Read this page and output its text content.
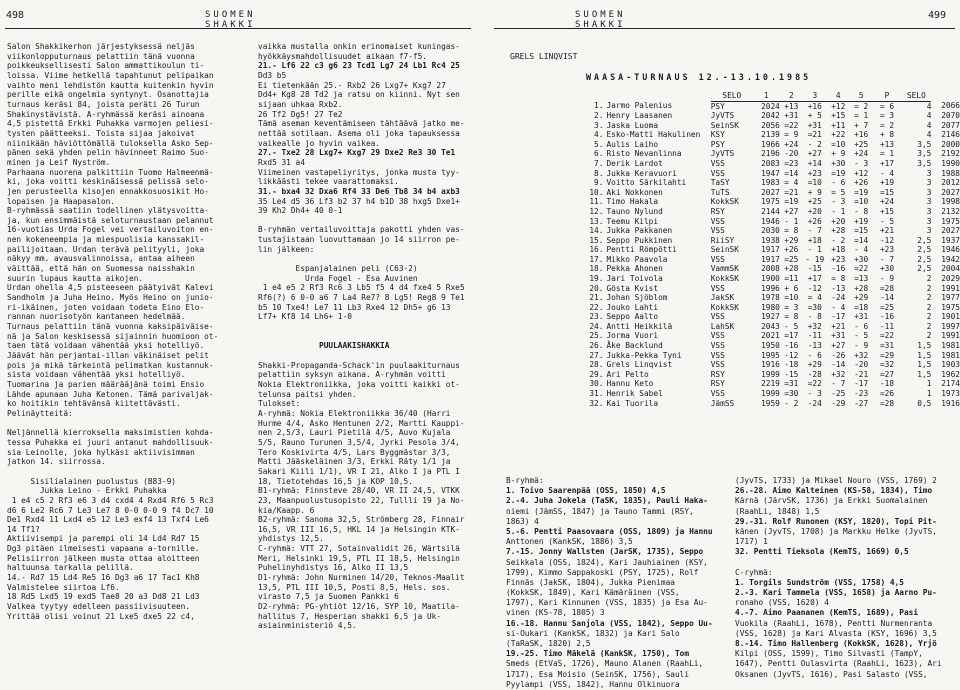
498	SUOMEN SHAKKI
SUOMEN SHAKKI
499
Salon Shakkikerhon järjestyksessä neljäs
viikonlopputurnaus pelattiin tänä vuonna
poikkeuksellisesti Salon ammattikoulun ti-
loissa. Viime hetkellä tapahtunut pelipaikan
vaihto meni lehdistön kautta kuitenkin hyvin
perille eikä ongelmia syntynyt. Osanottajia
turnaus keräsi 84, joista peräti 26 Turun
Shakinystävistä. A-ryhmässä keräsi ainoana
4,5 pistettä Erkki Puhakka varmojen peliesi-
tysten päätteeksi. Toista sijaa jakoivat
niinikään häviöttömällä tuloksella Asko Sep-
pänen sekä yhden pelin hävinneet Raimo Suo-
minen ja Leif Nyström.
Parhaana nuorena palkittiin Tuomo Halmeenmä-
ki, joka voitti keskinäisessä pelissä selo-
jen perusteella kisojen ennakkosuosikit Ho-
lopaisen ja Haapasalon.
B-ryhmässä saatiin todellinen ylätysvoitta-
ja, kun ensimmäistä seloturnaustaan pelannut
16-vuotias Urda Fogel vei vertailuvoiton en-
nen kokeneempia ja miespuolisia kanssakil-
pailijoitaan. Urdan terävä pelityyli, joka
näkyy mm. avausvalinnoissa, antaa aiheen
väittää, että hän on Suomessa naisshakin
suurin lupaus kautta aikojen.
Urdan ohella 4,5 pisteeseen päätyivät Kalevi
Sandholm ja Juha Heino. Myös Heino on junio-
ri-ikäinen, joten voidaan todeta Eino Elo-
rannan nuorisotyön kantaneen hedelmää.
Turnaus pelattiin tänä vuonna kaksipäiväise-
nä ja Salon keskisessä sijainnin huomioon ot-
taen tätä voidaan vähentää yksi hotelliyö.
Jäävät hän perjantai-illan väkinäiset pelit
pois ja mikä tärkeintä pelimatkan kustannuk-
sista voidaan vähentää yksi hotelliyö.
Tuomarina ja parien määrääjänä toimi Ensio
Lähde apunaan Juha Ketonen. Tämä parivaljak-
ko hoitikin tehtävänsä kiitettävästi.
Pelinäytteitä:
Neljännellä kierroksella maksimistien kohda-
tessa Puhakka ei juuri antanut mahdollisuuk-
sia Leinolle, joka hylkäsi aktiivisimman
jatkon 14. siirrossa.
Sisilialainen puolustus (B83-9)
Jukka Leino - Erkki Puhakka
1 e4 c5 2 Rf3 e6 3 d4 cxd4 4 Rxd4 Rf6 5 Rc3
d6 6 Le2 Rc6 7 Le3 Le7 8 0-0 0-0 9 f4 Dc7 10
De1 Rxd4 11 Lxd4 e5 12 Le3 exf4 13 Txf4 Le6
14 Tf1?
Aktiivisempi ja parempi oli 14 Ld4 Rd7 15
Dg3 pitäen ilmeisesti vapaana a-tornille.
Pelisiirron jälkeen musta ottaa aloitteen
haltuunsa tarkalla pelillä.
14.- Rd7 15 Ld4 Re5 16 Dg3 a6 17 Tac1 Kh8
Valmistelee siirtoa Lf6.
18 Rd5 Lxd5 19 exd5 Tae8 20 a3 Dd8 21 Ld3
Valkea tyytyy edelleen passiivisuuteen.
Yrittää olisi voinut 21 Lxe5 dxe5 22 c4,
vaikka mustalla onkin erinomaiset kuningas-
hyökkäysmahdollisuudet aikaan f7-f5.
21.- Lf6 22 c3 g6 23 Tcd1 Lg7 24 Lb1 Rc4 25
Dd3 b5
Ei tietenkään 25.- Rxb2 26 Lxg7+ Kxg7 27
Dd4+ Kg8 28 Td2 ja ratsu on kiinni. Nyt sen
sijaan uhkaa Rxb2.
26 Tf2 Dg5! 27 Te2
Tämä aseman keventämiseen tähtäävä jatko me-
nettää sotilaan. Asema oli joka tapauksessa
vaikealle jo hyvin vaikea.
27.- Txe2 28 Lxg7+ Kxg7 29 Dxe2 Re3 30 Te1
Rxd5 31 a4
Viimeinen vastapeliyritys, jonka musta tyy-
likkäästi tekee vaarattomaksi.
31.- bxa4 32 Dxa6 Rf4 33 De6 Tb8 34 b4 axb3
35 Le4 d5 36 Lf3 b2 37 h4 b1D 38 hxg5 Dxe1+
39 Kh2 Dh4+ 40 0-1
B-ryhmän vertailuvoittaja pakotti yhden vas-
tustajistaan luovuttamaan jo 14 siirron pe-
lin jälkeen:
Espanjalainen peli (C63-2)
Urda Fogel - Esa Auvinen
1 e4 e5 2 Rf3 Rc6 3 Lb5 f5 4 d4 fxe4 5 Rxe5
Rf6(?) 6 0-0 a6 7 La4 Re7? 8 Lg5! Reg8 9 Te1
b5 10 Txe4! Le7 11 Lb3 Rxe4 12 Dh5+ g6 13
Lf7+ Kf8 14 Lh6+ 1-0
PUULAAKISHAKKIA
Shakki-Propaganda-Schack'in puulaakiturnaus
pelattiin syksyn aikana. A-ryhmän voitti
Nokia Elektroniikka, joka voitti kaikki ot-
telunsa paitsi yhden.
Tulokset:
A-ryhmä: Nokia Elektroniikka 36/40 (Harri
Hurme 4/4, Asko Hentunen 2/2, Martti Kauppi-
nen 2,5/3, Lauri Pietilä 4/5, Auvo Kujala
5/5, Rauno Turunen 3,5/4, Jyrki Pesola 3/4,
Tero Koskivirta 4/5, Lars Byggmästar 3/3,
Matti Jääskeläinen 3/3, Erkki Räty 1/1 ja
Sakari Kiili 1/1), VR I 21, Alko I ja PTL I
18, Tietotehdas 16,5 ja KOP 10,5.
B1-ryhmä: Finnsteve 28/40, VR II 24,5, VTKK
23, Maanpuolustusopisto 22, Tullli 19 ja No-
kia/Kaapp. 6
B2-ryhmä: Sanoma 32,5, Strömberg 28, Finnair
16,5, VR III 16,5, HKL 14 ja Helsingin KTK-
yhdistys 12,5.
C-ryhmä: VTT 27, Sotainvalidit 26, Wärtsilä
Meri, Helsinki 19,5, PTL II 18,5, Helsingin
Puhelinyhdistys 16, Alko II 13,5
D1-ryhmä: John Nurminen 14/20, Teknos-Maalit
13,5, PTL III 10,5, Posti 8,5, Hels. sos.
virasto 7,5 ja Suomen Pankki 6
D2-ryhmä: PG-yhtiöt 12/16, SYP 10, Maatila-
hallitus 7, Hesperian shakki 6,5 ja Uk-
asiainministeriö 4,5.
GRELS LINQVIST
WAASA-TURNAUS 12.-13.10.1985
		SELO	1	2	3	4	5	P	SELO	
1.	Jarmo Palenius	PSY	2024	+13	+16	+12	= 2	= 6	4	2066
2.	Henry Laasanen	JyVTS	2042	+31	+ 5	+15	= 1	= 3	4	2070
3.	Jaska Luoma	SeinSK	2056	=22	+31	+11	+ 7	= 2	4	2077
4.	Esko-Matti Hakulinen	KSY	2139	= 9	=21	+22	+16	+ 8	4	2146
5.	Aulis Laiho	PSY	1966	+24	- 2	=10	+25	+13	3,5	2000
6.	Risto Nevanlinna	JyVTS	2196	-20	+27	+ 9	+24	= 1	3,5	2192
7.	Derik Lardot	VSS	2083	=23	+14	+30	- 3	+17	3,5	1990
8.	Jukka Keravuori	VSS	1947	=14	+23	=19	+12	- 4	3	1988
9.	Voitto Särkilahti	TaSY	1983	= 4	=10	- 6	+26	+19	3	2012
10.	Aki Nokkonen	TuTS	2027	=21	+ 9	= 5	=19	=15	3	2027
11.	Timo Hakala	KokkSK	1975	=19	+25	- 3	=10	+24	3	1998
12.	Tauno Nylund	RSY	2144	+27	+20	- 1	- 8	+15	3	2132
13.	Teemu Kilpi	VSS	1946	- 1	+26	+20	+19	- 5	3	1975
14.	Jukka Pakkanen	VSS	2030	= 8	- 7	+28	=15	+21	3	2027
15.	Seppo Pukkinen	RiiSY	1938	+29	+18	- 2	=14	-12	2,5	1937
16.	Pentti Römpötti	SeinSK	1917	+26	- 1	+18	- 4	+23	2,5	1946
17.	Mikko Paavola	VSS	1917	=25	- 19	+23	+30	- 7	2,5	1942
18.	Pekka Ahonen	VammSK	2008	+28	-15	-16	=22	+30	2,5	2004
19.	Jari Toivola	KokkSK	1900	=11	+17	= 8	=13	- 9	2	2029
20.	Gösta Kvist	VSS	1996	+ 6	-12	-13	+28	=28	2	1991
21.	Johan Sjöblom	JakSK	1978	=10	= 4	-24	+29	-14	2	1977
22.	Jouko Lahti	KokkSK	1980	= 3	=30	- 4	=18	=25	2	1975
23.	Seppo Aalto	VSS	1927	= 8	- 8	-17	+31	-16	2	1901
24.	Antti Heikkilä	LahSK	2043	- 5	+32	+21	- 6	-11	2	1997
25.	Jorma Vuori	VSS	2021	=17	-11	+31	- 5	=22	2	1991
26.	Åke Backlund	VSS	1950	-16	-13	+27	- 9	=31	1,5	1981
27.	Jukka-Pekka Tyni	VSS	1995	-12	- 6	-26	+32	=29	1,5	1981
28.	Grels Linqvist	VSS	1916	-18	+29	-14	-20	=32	1,5	1903
29.	Ari Pelto	RSY	1999	-15	-28	+32	-21	=27	1,5	1962
30.	Hannu Keto	RSY	2219	=31	=22	- 7	-17	-18	1	2174
31.	Henrik Sabel	VSS	1999	=30	- 3	-25	-23	=26	1	1973
32.	Kai Tuorila	JämSS	1959	- 2	-24	-29	-27	=28	0,5	1916
B-ryhmä:
1. Toivo Saarenpää (OSS, 1850) 4,5
2.-4. Juha Jokela (TaSK, 1835), Pauli Haka-
niemi (JämSS, 1847) ja Tauno Tammi (RSY,
1863) 4
5.-6. Pentti Paasovaara (OSS, 1809) ja Hannu
Anttonen (KankSK, 1886) 3,5
7.-15. Jonny Wallsten (JarSK, 1735), Seppo
Seikkala (OSS, 1824), Kari Jauhiainen (KSY,
1799), Kimmo Sappakoski (PSY, 1725), Rolf
Finnäs (JakSK, 1804), Jukka Pienimaa
(KokkSK, 1849), Kari Kämäräinen (VSS,
1797), Kari Kinnunen (VSS, 1835) ja Esa Au-
vinen (KS-78, 1805) 3
16.-18. Hannu Sanjola (VSS, 1842), Seppo Uu-
si-Oukari (KankSK, 1832) ja Kari Salo
(TaRaSK, 1820) 2,5
19.-25. Timo Mäkelä (KankSK, 1750), Tom
Smeds (EtVaS, 1726), Mauno Alanen (RaahLi,
1717), Esa Moisio (SeinSK, 1756), Sauli
Pyylampi (VSS, 1842), Hannu Olkinuora
(JyvTS, 1733) ja Mikael Nouro (VSS, 1769) 2
26.-28. Aimo Kalteinen (KS-58, 1834), Timo
Kärnä (JärvSK, 1736) ja Erkki Suomalainen
(RaahLi, 1848) 1,5
29.-31. Rolf Runonen (KSY, 1820), Topi Pit-
känen (JyvTS, 1708) ja Markku Helke (JyvTS,
1717) 1
32. Pentti Tieksola (KemTS, 1669) 0,5
C-ryhmä:
1. Torgils Sundström (VSS, 1758) 4,5
2.-3. Kari Tammela (VSS, 1658) ja Aarno Pu-
ronaho (VSS, 1620) 4
4.-7. Aimo Paananen (KemTS, 1689), Pasi
Vuokila (RaahLi, 1678), Pentti Nurmenranta
(VSS, 1628) ja Kari Alvasta (KSY, 1696) 3,5
8.-14. Timo Hallenberg (KokkSK, 1628), Yrjö
Kilpi (OSS, 1599), Timo Silvasti (TampY,
1647), Pentti Oulasvirta (RaahLi, 1623), Ari
Oksanen (JyvTS, 1616), Pasi Salasto (VSS,
